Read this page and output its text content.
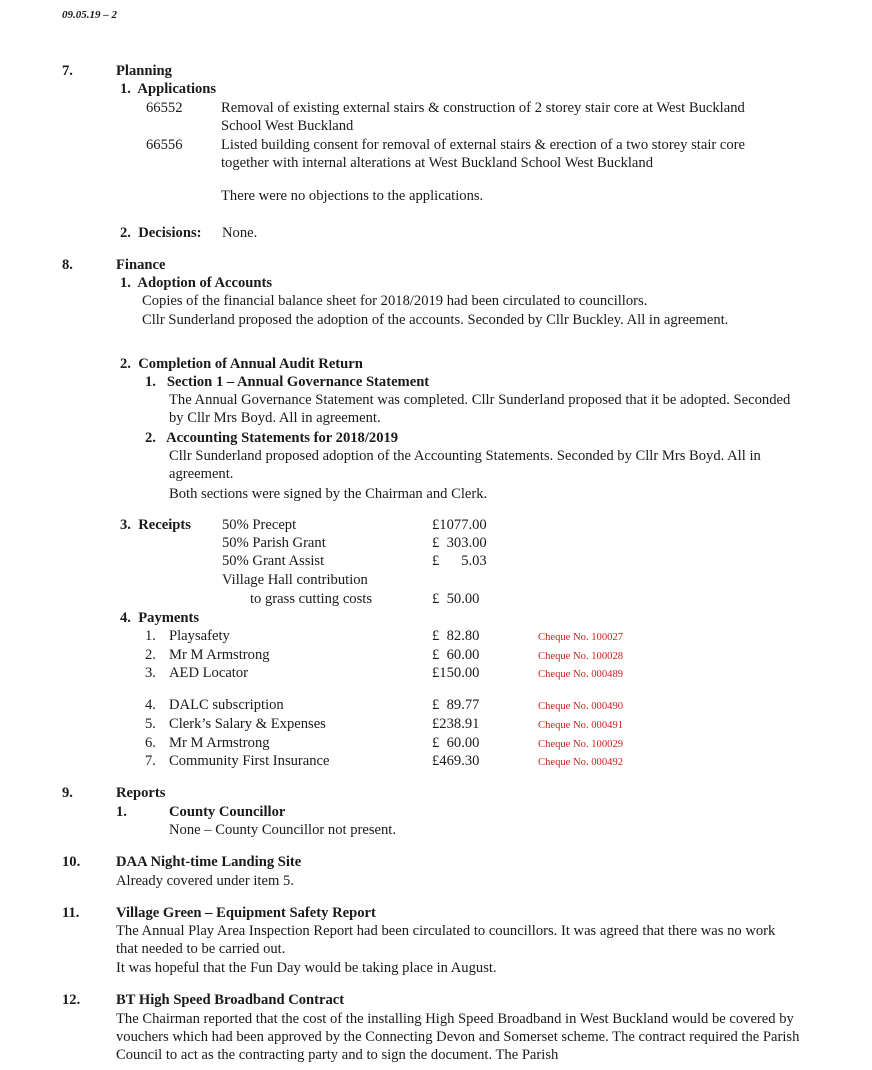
09.05.19 – 2
7.	Planning
1.  Applications
66552	Removal of existing external stairs & construction of 2 storey stair core at West Buckland School West Buckland
66556	Listed building consent for removal of external stairs & erection of a two storey stair core together with internal alterations at West Buckland School West Buckland
There were no objections to the applications.
2.  Decisions: None.
8.	Finance
1.  Adoption of Accounts
Copies of the financial balance sheet for 2018/2019 had been circulated to councillors.
Cllr Sunderland proposed the adoption of the accounts. Seconded by Cllr Buckley. All in agreement.
2.  Completion of Annual Audit Return
1.   Section 1 – Annual Governance Statement
The Annual Governance Statement was completed. Cllr Sunderland proposed that it be adopted. Seconded by Cllr Mrs Boyd. All in agreement.
2.   Accounting Statements for 2018/2019
Cllr Sunderland proposed adoption of the Accounting Statements. Seconded by Cllr Mrs Boyd. All in agreement.
Both sections were signed by the Chairman and Clerk.
3.  Receipts 50% Precept	£1077.00
50% Parish Grant	£  303.00
50% Grant Assist	£      5.03
Village Hall contribution
to grass cutting costs	£  50.00
4.  Payments
1. Playsafety	£  82.80	Cheque No. 100027
2. Mr M Armstrong	£  60.00	Cheque No. 100028
3. AED Locator	£150.00	Cheque No. 000489
4. DALC subscription	£  89.77	Cheque No. 000490
5. Clerk’s Salary & Expenses	£238.91	Cheque No. 000491
6. Mr M Armstrong	£  60.00	Cheque No. 100029
7. Community First Insurance	£469.30	Cheque No. 000492
9.	Reports
1.	County Councillor
None – County Councillor not present.
10. DAA Night-time Landing Site
Already covered under item 5.
11.	Village Green – Equipment Safety Report
The Annual Play Area Inspection Report had been circulated to councillors. It was agreed that there was no work that needed to be carried out.
It was hopeful that the Fun Day would be taking place in August.
12. BT High Speed Broadband Contract
The Chairman reported that the cost of the installing High Speed Broadband in West Buckland would be covered by vouchers which had been approved by the Connecting Devon and Somerset scheme. The contract required the Parish Council to act as the contracting party and to sign the document. The Parish
